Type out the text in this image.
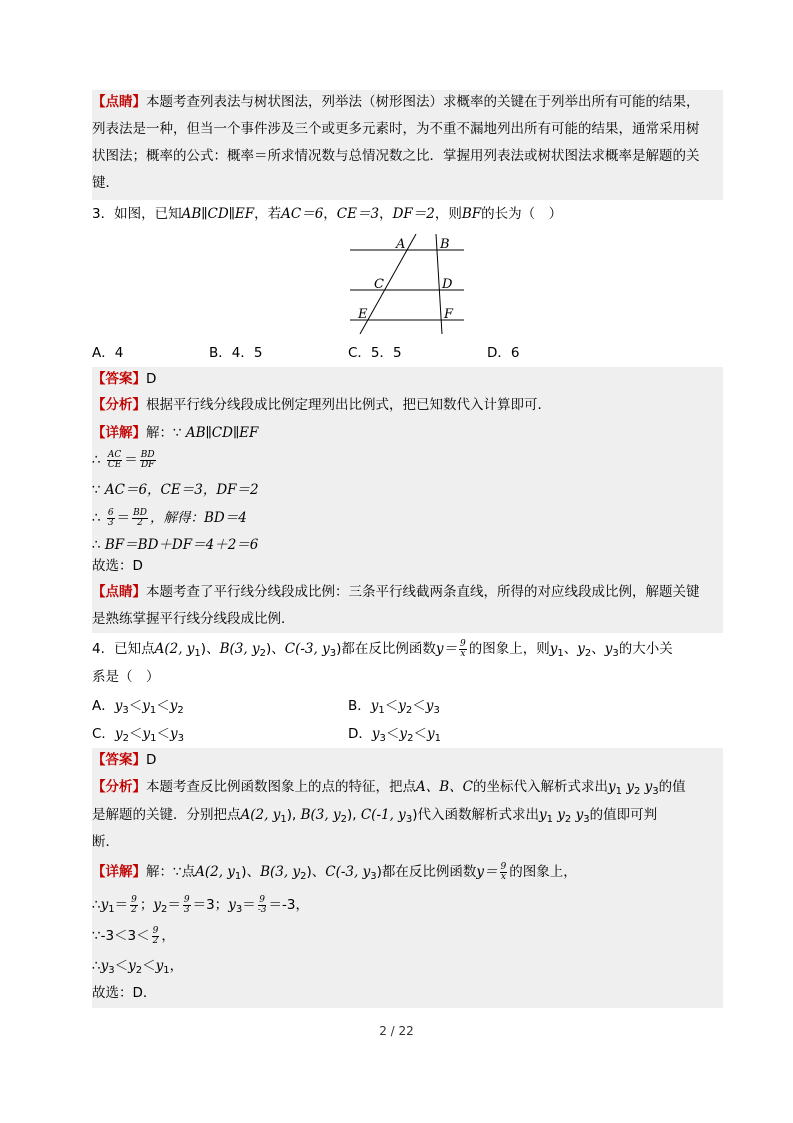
【点睛】本题考查列表法与树状图法，列举法（树形图法）求概率的关键在于列举出所有可能的结果，
列表法是一种，但当一个事件涉及三个或更多元素时，为不重不漏地列出所有可能的结果，通常采用树
状图法；概率的公式：概率＝所求情况数与总情况数之比．掌握用列表法或树状图法求概率是解题的关
键．
3．如图，已知AB∥CD∥EF，若AC＝6，CE＝3，DF＝2，则BF的长为（　）
A	B
C	D
E	F
A．4	B．4．5	C．5．5	D．6
【答案】D
【分析】根据平行线分线段成比例定理列出比例式，把已知数代入计算即可．
【详解】解：∵ AB∥CD∥EF
∴ $\frac{AC}{CE} = \frac{BD}{DF}$
∵ AC＝6，CE＝3，DF＝2
∴ $\frac{6}{3} = \frac{BD}{2}$ ，解得：BD＝4
∴ BF＝BD＋DF＝4＋2＝6
故选：D
【点睛】本题考查了平行线分线段成比例：三条平行线截两条直线，所得的对应线段成比例，解题关键
是熟练掌握平行线分线段成比例．
4．已知点A(2, $y_1$)、B(3, $y_2$)、C(-3, $y_3$)都在反比例函数$y= \frac{9}{x}$ 的图象上，则$y_1$、$y_2$、$y_3$的大小关
系是（　）
A．$y_3<y_1<y_2$	B．$y_1<y_2<y_3$
C．$y_2<y_1<y_3$	D．$y_3<y_2<y_1$
【答案】D
【分析】本题考查反比例函数图象上的点的特征，把点A、B、C的坐标代入解析式求出$y_1$ $y_2$ $y_3$的值
是解题的关键．分别把点A(2, $y_1$), B(3, $y_2$), C(-1, $y_3$)代入函数解析式求出$y_1$ $y_2$ $y_3$的值即可判
断．
【详解】解：∵点A(2, $y_1$)、B(3, $y_2$)、C(-3, $y_3$)都在反比例函数$y= \frac{9}{x}$ 的图象上，
$\therefore y_1= \frac{9}{2}$ ；$y_2= \frac{9}{3} =3$；$y_3= \frac{9}{-3} =-3$，
∵-3＜3＜ $\frac{9}{2}$ ，
$\therefore y_3<y_2<y_1$，
故选：D．
2 / 22
